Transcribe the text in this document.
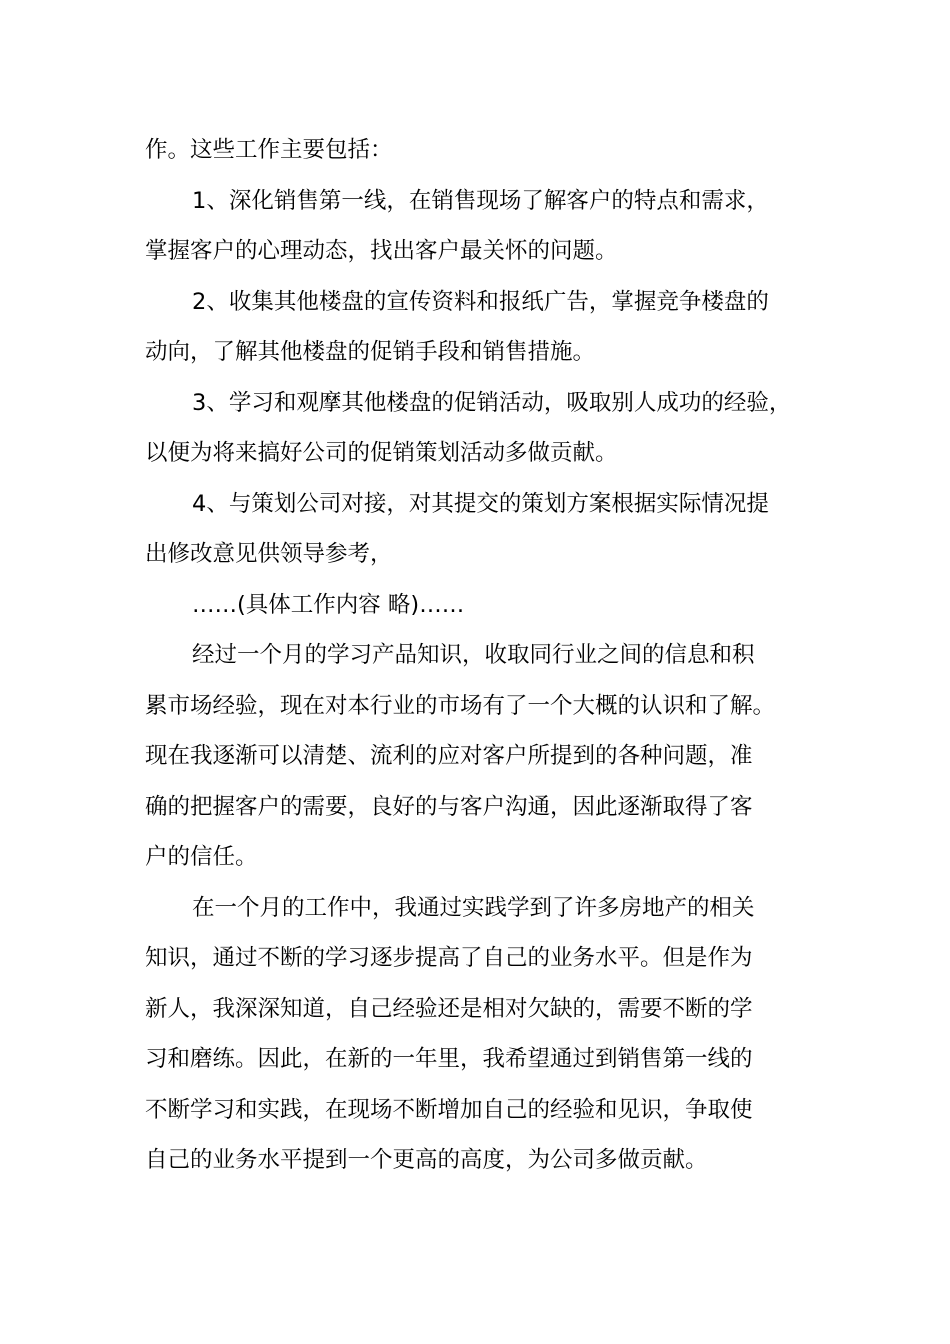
作。这些工作主要包括：

1、深化销售第一线，在销售现场了解客户的特点和需求，
掌握客户的心理动态，找出客户最关怀的问题。

2、收集其他楼盘的宣传资料和报纸广告，掌握竞争楼盘的
动向，了解其他楼盘的促销手段和销售措施。

3、学习和观摩其他楼盘的促销活动，吸取别人成功的经验，
以便为将来搞好公司的促销策划活动多做贡献。

4、与策划公司对接，对其提交的策划方案根据实际情况提
出修改意见供领导参考，

……(具体工作内容 略)……

经过一个月的学习产品知识，收取同行业之间的信息和积
累市场经验，现在对本行业的市场有了一个大概的认识和了解。
现在我逐渐可以清楚、流利的应对客户所提到的各种问题，准
确的把握客户的需要，良好的与客户沟通，因此逐渐取得了客
户的信任。

在一个月的工作中，我通过实践学到了许多房地产的相关
知识，通过不断的学习逐步提高了自己的业务水平。但是作为
新人，我深深知道，自己经验还是相对欠缺的，需要不断的学
习和磨练。因此，在新的一年里，我希望通过到销售第一线的
不断学习和实践，在现场不断增加自己的经验和见识，争取使
自己的业务水平提到一个更高的高度，为公司多做贡献。
